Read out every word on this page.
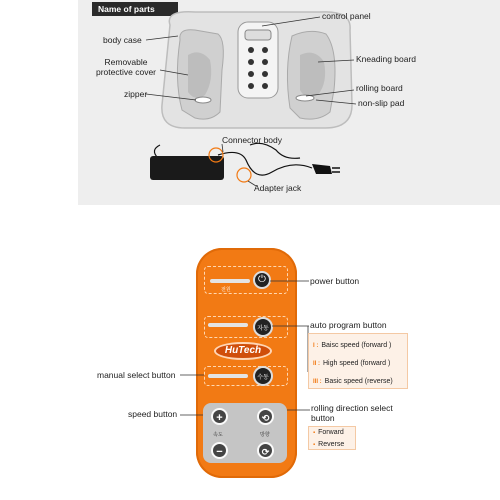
Name of parts
body case
Removable
protective cover
zipper
control panel
Kneading board
rolling board
non-slip pad
Connector body
Adapter jack
전원
⏻
자동
HuTech
수동
+
−
속도
⟲
⟳
방향
power button
auto program button
manual select button
speed button
rolling direction select
button
I : Baisc speed (forward )
II : High speed (forward )
III : Basic speed (reverse)
▪ Forward
▪ Reverse
